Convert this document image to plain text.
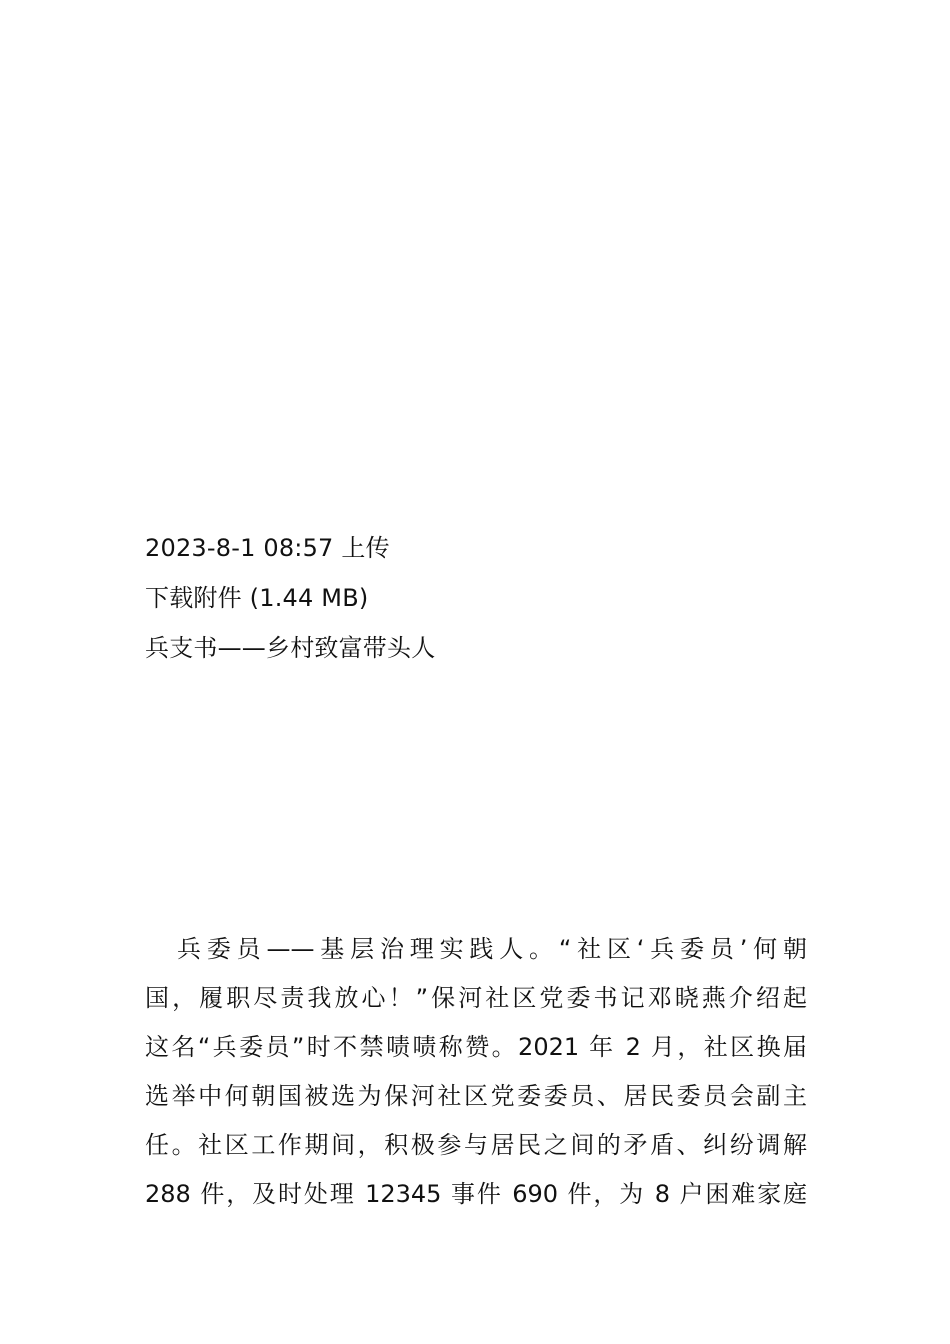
2023-8-1 08:57 上传
下载附件 (1.44 MB)
兵支书——乡村致富带头人
兵委员——基层治理实践人。“社区‘兵委员’何朝
国，履职尽责我放心！”保河社区党委书记邓晓燕介绍起
这名“兵委员”时不禁啧啧称赞。2021 年 2 月，社区换届
选举中何朝国被选为保河社区党委委员、居民委员会副主
任。社区工作期间，积极参与居民之间的矛盾、纠纷调解
288 件，及时处理 12345 事件 690 件，为 8 户困难家庭
